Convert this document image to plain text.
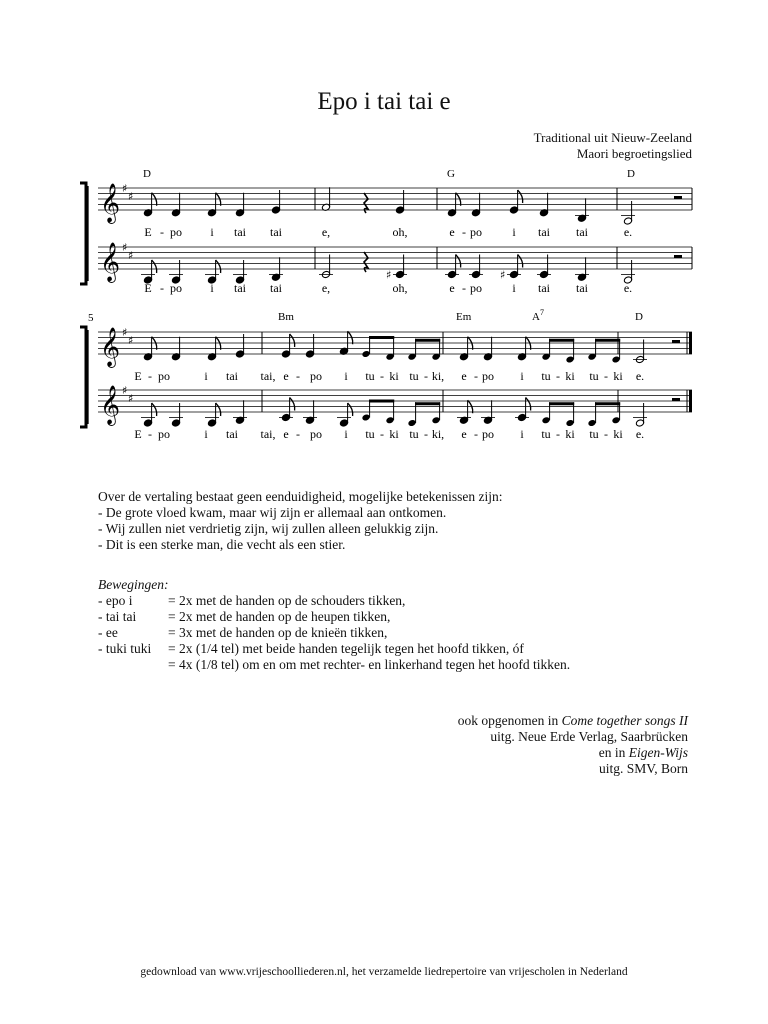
Epo i tai tai e
Traditional uit Nieuw-Zeeland
Maori begroetingslied
𝄞 ♯
♯
𝄞 ♯
♯
♯	♯
D	G	D
E - po i tai tai	e,	oh,	e - po	i tai tai	e.
E - po i tai tai	e,	oh,	e - po	i tai tai	e.
5
𝄞 ♯
♯
𝄞 ♯
♯
Bm	Em	$A^7$	D
E - po	i tai tai, e - po i tu - ki tu - ki, e - po i tu - ki tu - ki e.
E - po	i tai tai, e - po i tu - ki tu - ki, e - po i tu - ki tu - ki e.
Over de vertaling bestaat geen eenduidigheid, mogelijke betekenissen zijn:
- De grote vloed kwam, maar wij zijn er allemaal aan ontkomen.
- Wij zullen niet verdrietig zijn, wij zullen alleen gelukkig zijn.
- Dit is een sterke man, die vecht als een stier.
Bewegingen:
- epo i	= 2x met de handen op de schouders tikken,
- tai tai = 2x met de handen op de heupen tikken,
- ee	= 3x met de handen op de knieën tikken,
- tuki tuki = 2x (1/4 tel) met beide handen tegelijk tegen het hoofd tikken, óf
= 4x (1/8 tel) om en om met rechter- en linkerhand tegen het hoofd tikken.
ook opgenomen in Come together songs II
uitg. Neue Erde Verlag, Saarbrücken
en in Eigen-Wijs
uitg. SMV, Born
gedownload van www.vrijeschoolliederen.nl, het verzamelde liedrepertoire van vrijescholen in Nederland
